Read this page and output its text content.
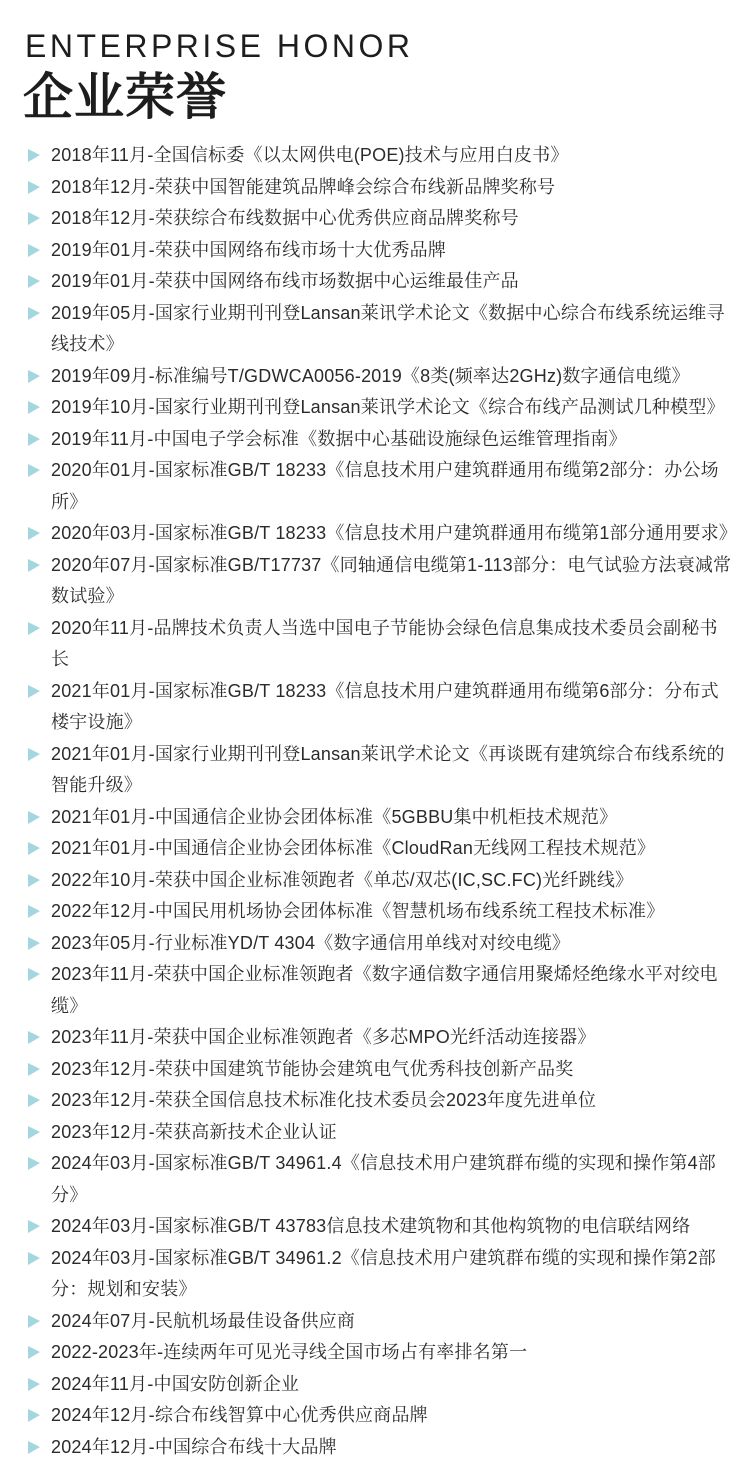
ENTERPRISE HONOR
企业荣誉
2018年11月-全国信标委《以太网供电(POE)技术与应用白皮书》
2018年12月-荣获中国智能建筑品牌峰会综合布线新品牌奖称号
2018年12月-荣获综合布线数据中心优秀供应商品牌奖称号
2019年01月-荣获中国网络布线市场十大优秀品牌
2019年01月-荣获中国网络布线市场数据中心运维最佳产品
2019年05月-国家行业期刊刊登Lansan莱讯学术论文《数据中心综合布线系统运维寻线技术》
2019年09月-标准编号T/GDWCA0056-2019《8类(频率达2GHz)数字通信电缆》
2019年10月-国家行业期刊刊登Lansan莱讯学术论文《综合布线产品测试几种模型》
2019年11月-中国电子学会标准《数据中心基础设施绿色运维管理指南》
2020年01月-国家标准GB/T 18233《信息技术用户建筑群通用布缆第2部分：办公场所》
2020年03月-国家标准GB/T 18233《信息技术用户建筑群通用布缆第1部分通用要求》
2020年07月-国家标准GB/T17737《同轴通信电缆第1-113部分：电气试验方法衰减常数试验》
2020年11月-品牌技术负责人当选中国电子节能协会绿色信息集成技术委员会副秘书长
2021年01月-国家标准GB/T 18233《信息技术用户建筑群通用布缆第6部分：分布式楼宇设施》
2021年01月-国家行业期刊刊登Lansan莱讯学术论文《再谈既有建筑综合布线系统的智能升级》
2021年01月-中国通信企业协会团体标准《5GBBU集中机柜技术规范》
2021年01月-中国通信企业协会团体标准《CloudRan无线网工程技术规范》
2022年10月-荣获中国企业标准领跑者《单芯/双芯(IC,SC.FC)光纤跳线》
2022年12月-中国民用机场协会团体标准《智慧机场布线系统工程技术标准》
2023年05月-行业标准YD/T 4304《数字通信用单线对对绞电缆》
2023年11月-荣获中国企业标准领跑者《数字通信数字通信用聚烯烃绝缘水平对绞电缆》
2023年11月-荣获中国企业标准领跑者《多芯MPO光纤活动连接器》
2023年12月-荣获中国建筑节能协会建筑电气优秀科技创新产品奖
2023年12月-荣获全国信息技术标准化技术委员会2023年度先进单位
2023年12月-荣获高新技术企业认证
2024年03月-国家标准GB/T 34961.4《信息技术用户建筑群布缆的实现和操作第4部分》
2024年03月-国家标准GB/T 43783信息技术建筑物和其他构筑物的电信联结网络
2024年03月-国家标准GB/T 34961.2《信息技术用户建筑群布缆的实现和操作第2部分：规划和安装》
2024年07月-民航机场最佳设备供应商
2022-2023年-连续两年可见光寻线全国市场占有率排名第一
2024年11月-中国安防创新企业
2024年12月-综合布线智算中心优秀供应商品牌
2024年12月-中国综合布线十大品牌
